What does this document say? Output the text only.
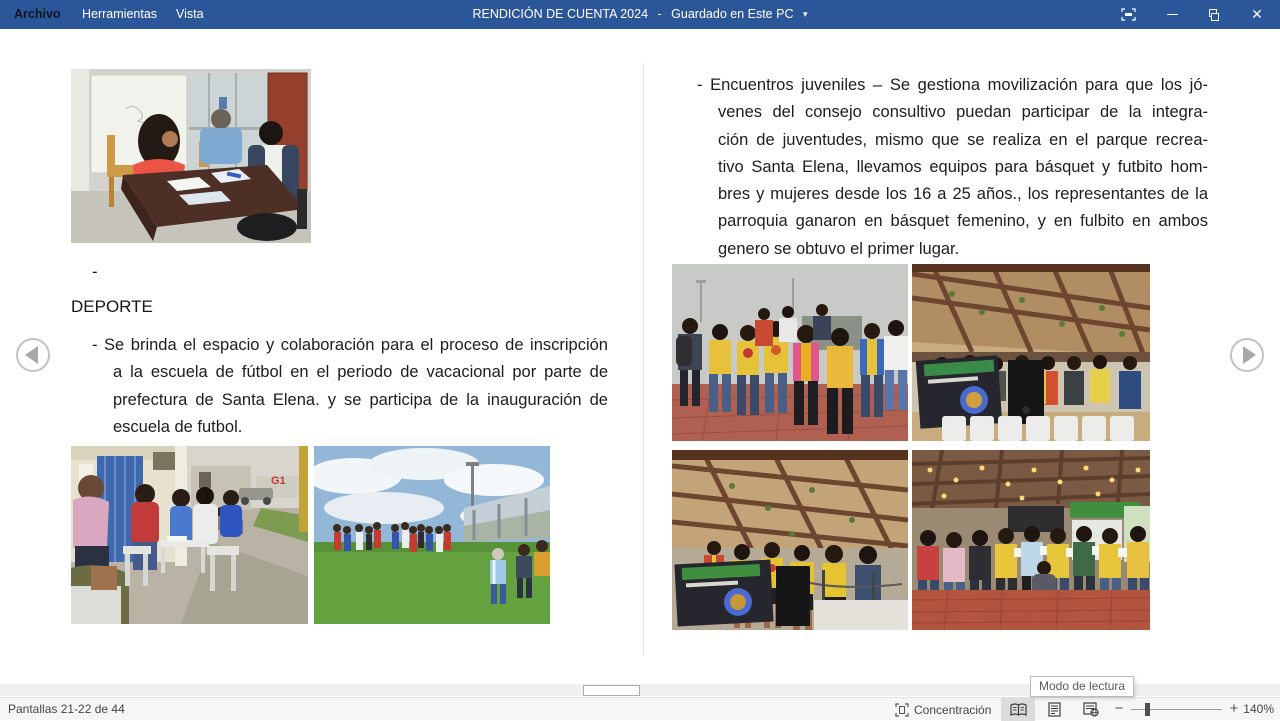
Archivo Herramientas Vista	RENDICIÓN DE CUENTA 2024 - Guardado en Este PC ▾	✕
-
DEPORTE
- Se brinda el espacio y colaboración para el proceso de inscripción
a la escuela de fútbol en el periodo de vacacional por parte de
prefectura de Santa Elena. y se participa de la inauguración de
escuela de futbol.
G1
- Encuentros juveniles – Se gestiona movilización para que los jó-
venes del consejo consultivo puedan participar de la integra-
ción de juventudes, mismo que se realiza en el parque recrea-
tivo Santa Elena, llevamos equipos para básquet y futbito hom-
bres y mujeres desde los 16 a 25 años., los representantes de la
parroquia ganaron en básquet femenino, y en fulbito en ambos
genero se obtuvo el primer lugar.
Modo de lectura
Pantallas 21-22 de 44	Concentración	−	+ 140%
